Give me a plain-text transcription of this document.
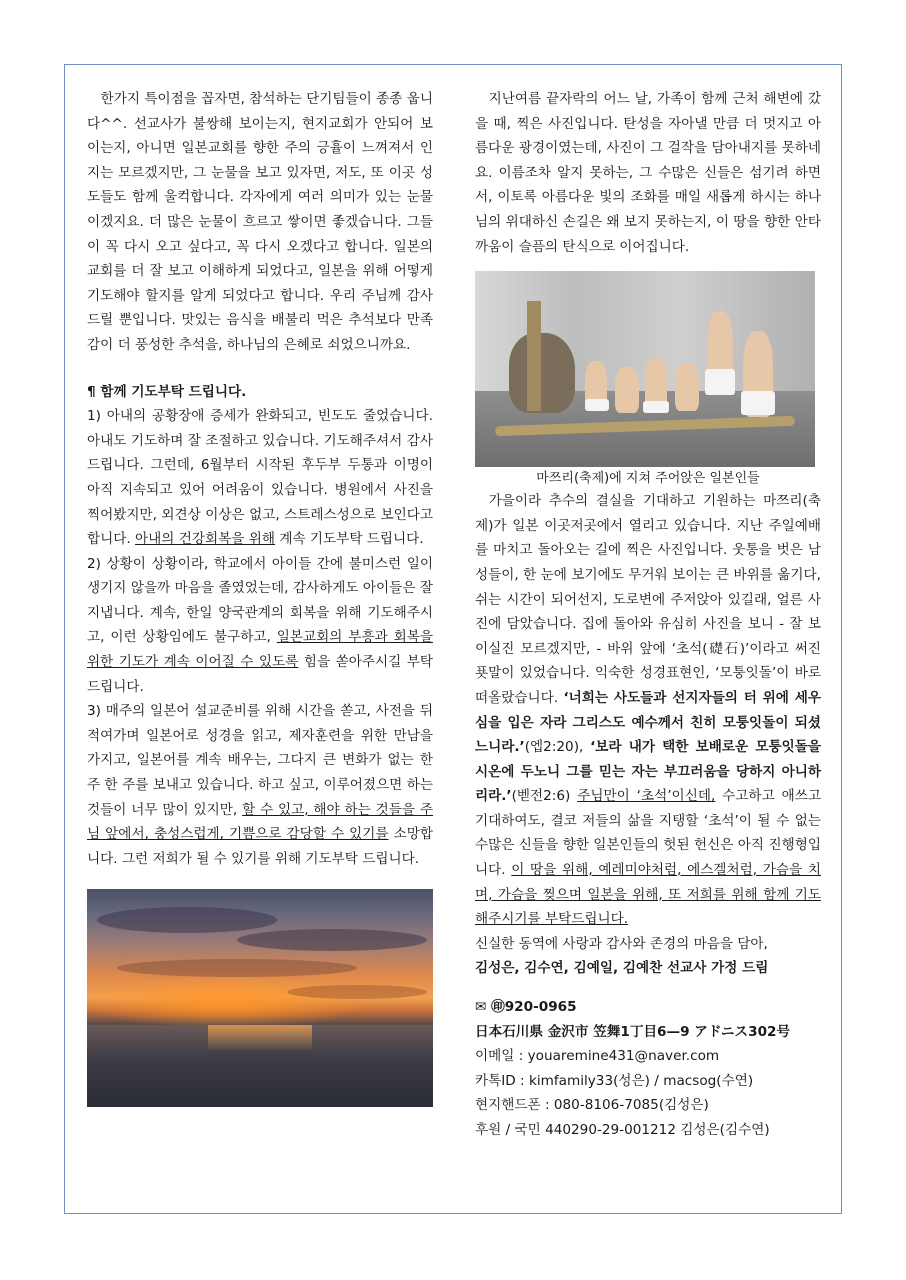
한가지 특이점을 꼽자면, 참석하는 단기팀들이 종종 웁니다^^. 선교사가 불쌍해 보이는지, 현지교회가 안되어 보이는지, 아니면 일본교회를 향한 주의 긍휼이 느껴져서 인지는 모르겠지만, 그 눈물을 보고 있자면, 저도, 또 이곳 성도들도 함께 울컥합니다. 각자에게 여러 의미가 있는 눈물이겠지요. 더 많은 눈물이 흐르고 쌓이면 좋겠습니다. 그들이 꼭 다시 오고 싶다고, 꼭 다시 오겠다고 합니다. 일본의 교회를 더 잘 보고 이해하게 되었다고, 일본을 위해 어떻게 기도해야 할지를 알게 되었다고 합니다. 우리 주님께 감사드릴 뿐입니다. 맛있는 음식을 배불리 먹은 추석보다 만족감이 더 풍성한 추석을, 하나님의 은혜로 쇠었으니까요.

¶ 함께 기도부탁 드립니다.

1) 아내의 공황장애 증세가 완화되고, 빈도도 줄었습니다. 아내도 기도하며 잘 조절하고 있습니다. 기도해주셔서 감사드립니다. 그런데, 6월부터 시작된 후두부 두통과 이명이 아직 지속되고 있어 어려움이 있습니다. 병원에서 사진을 찍어봤지만, 외견상 이상은 없고, 스트레스성으로 보인다고 합니다. 아내의 건강회복을 위해 계속 기도부탁 드립니다.

2) 상황이 상황이라, 학교에서 아이들 간에 불미스런 일이 생기지 않을까 마음을 졸였었는데, 감사하게도 아이들은 잘 지냅니다. 계속, 한일 양국관계의 회복을 위해 기도해주시고, 이런 상황임에도 불구하고, 일본교회의 부흥과 회복을 위한 기도가 계속 이어질 수 있도록 힘을 쏟아주시길 부탁드립니다.

3) 매주의 일본어 설교준비를 위해 시간을 쏟고, 사전을 뒤적여가며 일본어로 성경을 읽고, 제자훈련을 위한 만남을 가지고, 일본어를 계속 배우는, 그다지 큰 변화가 없는 한 주 한 주를 보내고 있습니다. 하고 싶고, 이루어졌으면 하는 것들이 너무 많이 있지만, 할 수 있고, 해야 하는 것들을 주님 앞에서, 충성스럽게, 기쁨으로 감당할 수 있기를 소망합니다. 그런 저희가 될 수 있기를 위해 기도부탁 드립니다.

지난여름 끝자락의 어느 날, 가족이 함께 근처 해변에 갔을 때, 찍은 사진입니다. 탄성을 자아낼 만큼 더 멋지고 아름다운 광경이였는데, 사진이 그 걸작을 담아내지를 못하네요. 이름조차 알지 못하는, 그 수많은 신들은 섬기려 하면서, 이토록 아름다운 빛의 조화를 매일 새롭게 하시는 하나님의 위대하신 손길은 왜 보지 못하는지, 이 땅을 향한 안타까움이 슬픔의 탄식으로 이어집니다.

마쯔리(축제)에 지쳐 주어앉은 일본인들

가을이라 추수의 결실을 기대하고 기원하는 마쯔리(축제)가 일본 이곳저곳에서 열리고 있습니다. 지난 주일예배를 마치고 돌아오는 길에 찍은 사진입니다. 웃통을 벗은 남성들이, 한 눈에 보기에도 무거워 보이는 큰 바위를 옮기다, 쉬는 시간이 되어선지, 도로변에 주저앉아 있길래, 얼른 사진에 담았습니다. 집에 돌아와 유심히 사진을 보니 - 잘 보이실진 모르겠지만, - 바위 앞에 ‘초석(礎石)’이라고 써진 푯말이 있었습니다. 익숙한 성경표현인, ‘모퉁잇돌’이 바로 떠올랐습니다. ‘너희는 사도들과 선지자들의 터 위에 세우심을 입은 자라 그리스도 예수께서 친히 모퉁잇돌이 되셨느니라.’(엡2:20), ‘보라 내가 택한 보배로운 모퉁잇돌을 시온에 두노니 그를 믿는 자는 부끄러움을 당하지 아니하리라.’(벧전2:6) 주님만이 ‘초석’이신데, 수고하고 애쓰고 기대하여도, 결코 저들의 삶을 지탱할 ‘초석’이 될 수 없는 수많은 신들을 향한 일본인들의 헛된 헌신은 아직 진행형입니다. 이 땅을 위해, 예레미야처럼, 에스겔처럼, 가슴을 치며, 가슴을 찢으며 일본을 위해, 또 저희를 위해 함께 기도해주시기를 부탁드립니다.

신실한 동역에 사랑과 감사와 존경의 마음을 담아,

김성은, 김수연, 김예일, 김예찬 선교사 가정 드림

✉ ㊞920-0965

日本石川県 金沢市 笠舞1丁目6—9 アドニス302号

이메일 : youaremine431@naver.com

카톡ID : kimfamily33(성은) / macsog(수연)

현지핸드폰 : 080-8106-7085(김성은)

후원 / 국민 440290-29-001212 김성은(김수연)
